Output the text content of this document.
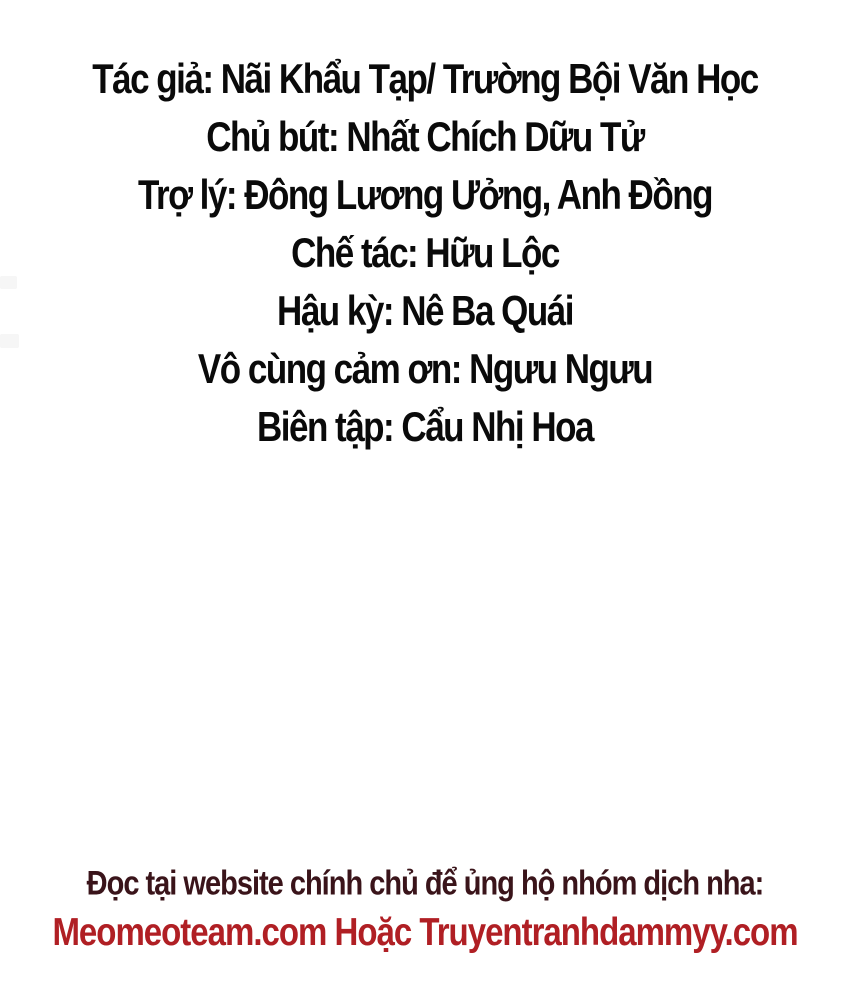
Tác giả: Nãi Khẩu Tạp/ Trường Bội Văn Học
Chủ bút: Nhất Chích Dữu Tử
Trợ lý: Đông Lương Ưởng, Anh Đồng
Chế tác: Hữu Lộc
Hậu kỳ: Nê Ba Quái
Vô cùng cảm ơn: Ngưu Ngưu
Biên tập: Cẩu Nhị Hoa
Đọc tại website chính chủ để ủng hộ nhóm dịch nha:
Meomeoteam.com Hoặc Truyentranhdammyy.com
